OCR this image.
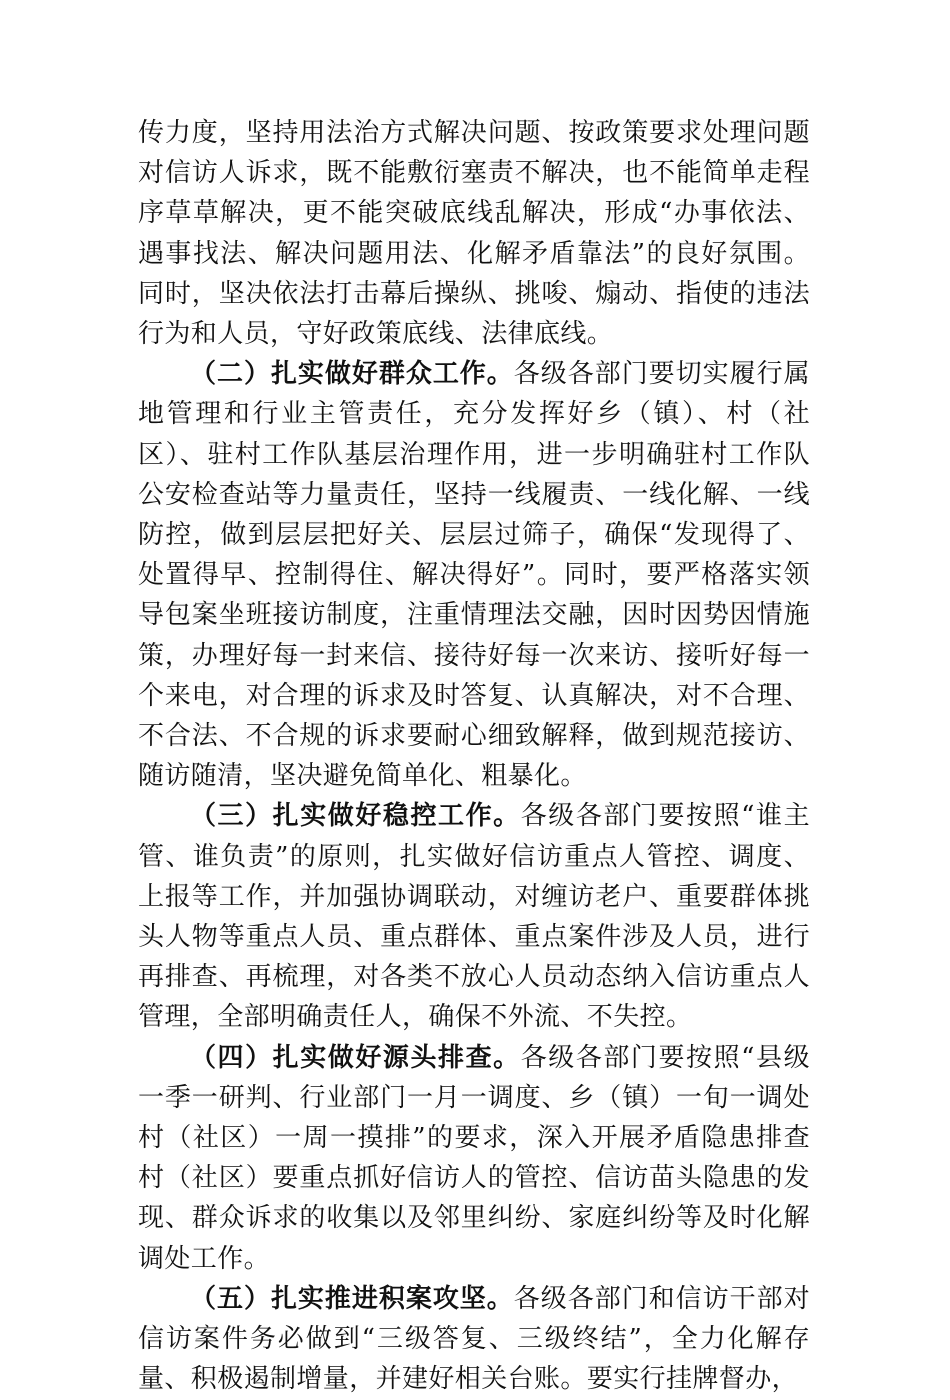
传力度，坚持用法治方式解决问题、按政策要求处理问题对信访人诉求，既不能敷衍塞责不解决，也不能简单走程序草草解决，更不能突破底线乱解决，形成“办事依法、遇事找法、解决问题用法、化解矛盾靠法”的良好氛围。同时，坚决依法打击幕后操纵、挑唆、煽动、指使的违法行为和人员，守好政策底线、法律底线。

（二）扎实做好群众工作。各级各部门要切实履行属地管理和行业主管责任，充分发挥好乡（镇）、村（社区）、驻村工作队基层治理作用，进一步明确驻村工作队公安检查站等力量责任，坚持一线履责、一线化解、一线防控，做到层层把好关、层层过筛子，确保“发现得了、处置得早、控制得住、解决得好”。同时，要严格落实领导包案坐班接访制度，注重情理法交融，因时因势因情施策，办理好每一封来信、接待好每一次来访、接听好每一个来电，对合理的诉求及时答复、认真解决，对不合理、不合法、不合规的诉求要耐心细致解释，做到规范接访、随访随清，坚决避免简单化、粗暴化。

（三）扎实做好稳控工作。各级各部门要按照“谁主管、谁负责”的原则，扎实做好信访重点人管控、调度、上报等工作，并加强协调联动，对缠访老户、重要群体挑头人物等重点人员、重点群体、重点案件涉及人员，进行再排查、再梳理，对各类不放心人员动态纳入信访重点人管理，全部明确责任人，确保不外流、不失控。

（四）扎实做好源头排查。各级各部门要按照“县级一季一研判、行业部门一月一调度、乡（镇）一旬一调处村（社区）一周一摸排”的要求，深入开展矛盾隐患排查村（社区）要重点抓好信访人的管控、信访苗头隐患的发现、群众诉求的收集以及邻里纠纷、家庭纠纷等及时化解调处工作。

（五）扎实推进积案攻坚。各级各部门和信访干部对信访案件务必做到“三级答复、三级终结”，全力化解存量、积极遏制增量，并建好相关台账。要实行挂牌督办，
